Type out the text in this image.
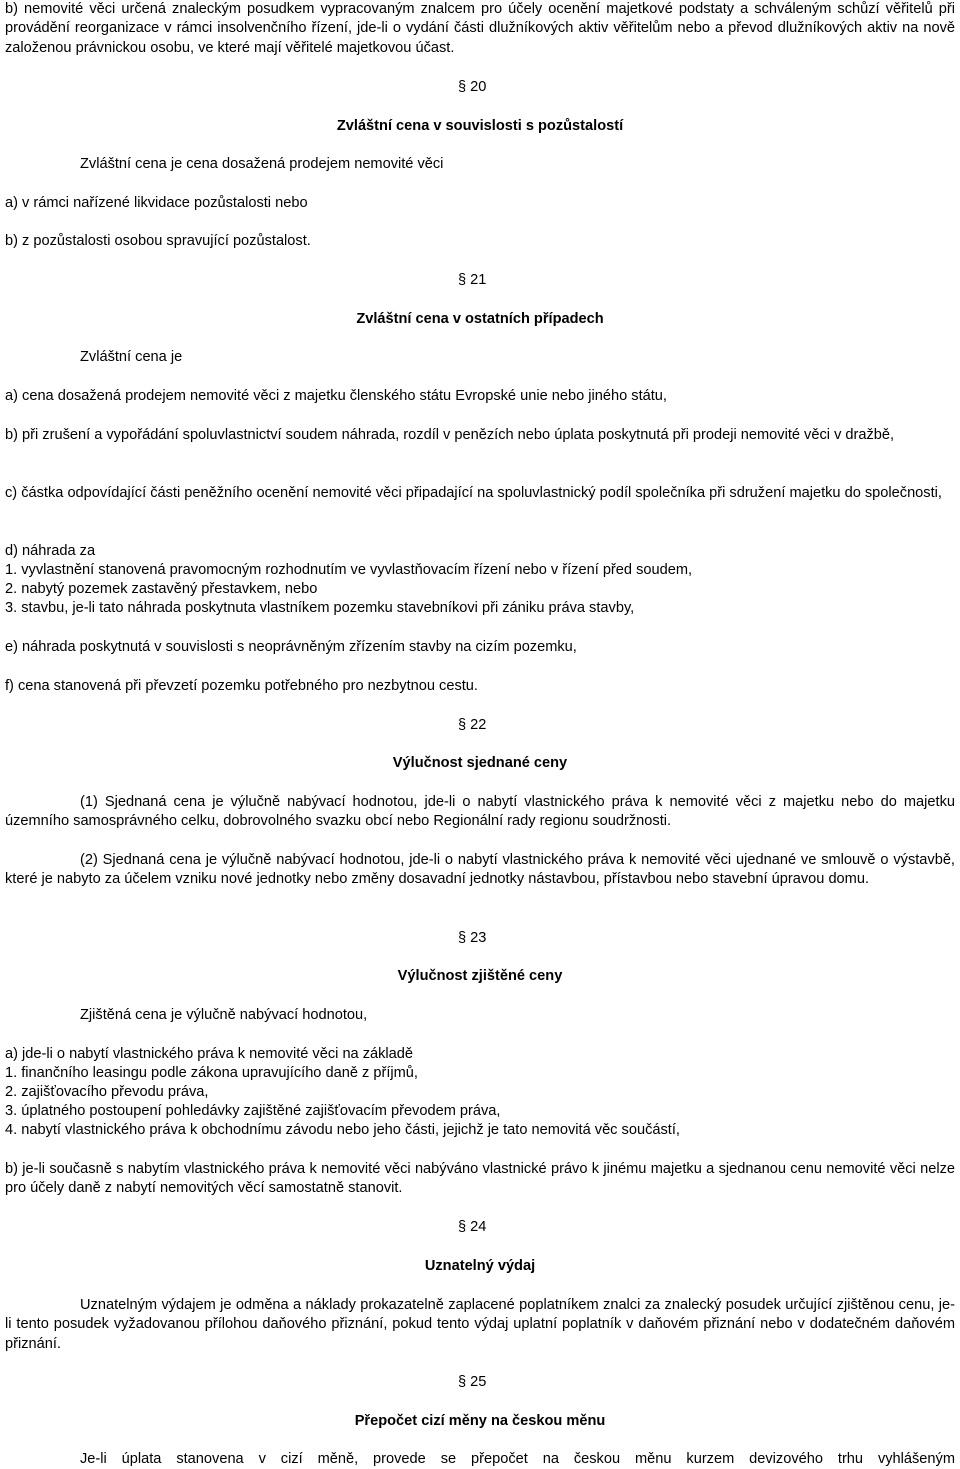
b) nemovité věci určená znaleckým posudkem vypracovaným znalcem pro účely ocenění majetkové podstaty a schváleným schůzí věřitelů při provádění reorganizace v rámci insolvenčního řízení, jde-li o vydání části dlužníkových aktiv věřitelům nebo a převod dlužníkových aktiv na nově založenou právnickou osobu, ve které mají věřitelé majetkovou účast.

§ 20
Zvláštní cena v souvislosti s pozůstalostí

Zvláštní cena je cena dosažená prodejem nemovité věci

a) v rámci nařízené likvidace pozůstalosti nebo

b) z pozůstalosti osobou spravující pozůstalost.

§ 21
Zvláštní cena v ostatních případech

Zvláštní cena je

a) cena dosažená prodejem nemovité věci z majetku členského státu Evropské unie nebo jiného státu,

b) při zrušení a vypořádání spoluvlastnictví soudem náhrada, rozdíl v penězích nebo úplata poskytnutá při prodeji nemovité věci v dražbě,

c) částka odpovídající části peněžního ocenění nemovité věci připadající na spoluvlastnický podíl společníka při sdružení majetku do společnosti,

d) náhrada za

1. vyvlastnění stanovená pravomocným rozhodnutím ve vyvlastňovacím řízení nebo v řízení před soudem,

2. nabytý pozemek zastavěný přestavkem, nebo

3. stavbu, je-li tato náhrada poskytnuta vlastníkem pozemku stavebníkovi při zániku práva stavby,

e) náhrada poskytnutá v souvislosti s neoprávněným zřízením stavby na cizím pozemku,

f) cena stanovená při převzetí pozemku potřebného pro nezbytnou cestu.

§ 22
Výlučnost sjednané ceny

(1) Sjednaná cena je výlučně nabývací hodnotou, jde-li o nabytí vlastnického práva k nemovité věci z majetku nebo do majetku územního samosprávného celku, dobrovolného svazku obcí nebo Regionální rady regionu soudržnosti.

(2) Sjednaná cena je výlučně nabývací hodnotou, jde-li o nabytí vlastnického práva k nemovité věci ujednané ve smlouvě o výstavbě, které je nabyto za účelem vzniku nové jednotky nebo změny dosavadní jednotky nástavbou, přístavbou nebo stavební úpravou domu.

§ 23
Výlučnost zjištěné ceny

Zjištěná cena je výlučně nabývací hodnotou,

a) jde-li o nabytí vlastnického práva k nemovité věci na základě

1. finančního leasingu podle zákona upravujícího daně z příjmů,

2. zajišťovacího převodu práva,

3. úplatného postoupení pohledávky zajištěné zajišťovacím převodem práva,

4. nabytí vlastnického práva k obchodnímu závodu nebo jeho části, jejichž je tato nemovitá věc součástí,

b) je-li současně s nabytím vlastnického práva k nemovité věci nabýváno vlastnické právo k jinému majetku a sjednanou cenu nemovité věci nelze pro účely daně z nabytí nemovitých věcí samostatně stanovit.

§ 24
Uznatelný výdaj

Uznatelným výdajem je odměna a náklady prokazatelně zaplacené poplatníkem znalci za znalecký posudek určující zjištěnou cenu, je-li tento posudek vyžadovanou přílohou daňového přiznání, pokud tento výdaj uplatní poplatník v daňovém přiznání nebo v dodatečném daňovém přiznání.

§ 25
Přepočet cizí měny na českou měnu

Je-li úplata stanovena v cizí měně, provede se přepočet na českou měnu kurzem devizového trhu vyhlášeným
